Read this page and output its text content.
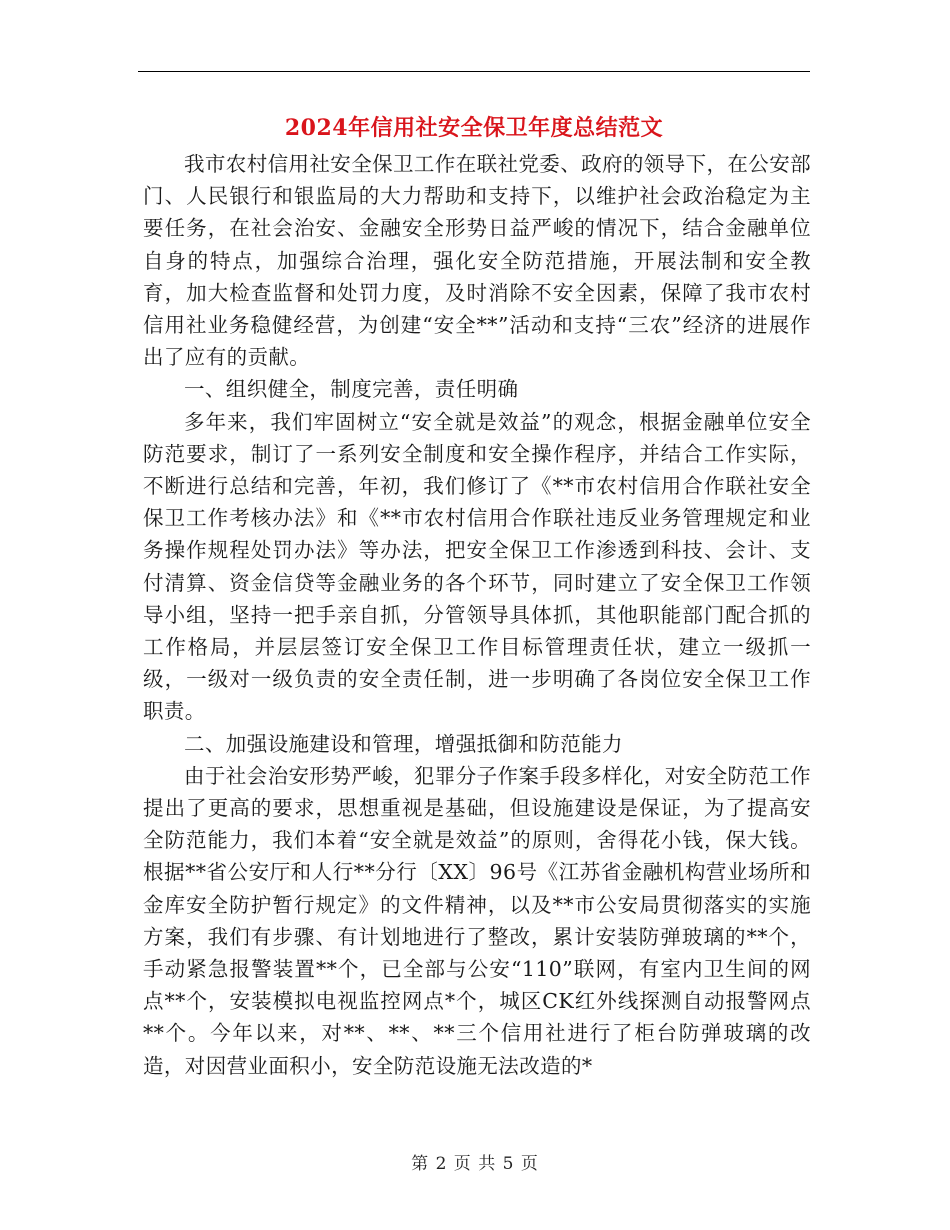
2024年信用社安全保卫年度总结范文

我市农村信用社安全保卫工作在联社党委、政府的领导下，在公安部门、人民银行和银监局的大力帮助和支持下，以维护社会政治稳定为主要任务，在社会治安、金融安全形势日益严峻的情况下，结合金融单位自身的特点，加强综合治理，强化安全防范措施，开展法制和安全教育，加大检查监督和处罚力度，及时消除不安全因素，保障了我市农村信用社业务稳健经营，为创建“安全**”活动和支持“三农”经济的进展作出了应有的贡献。

一、组织健全，制度完善，责任明确

多年来，我们牢固树立“安全就是效益”的观念，根据金融单位安全防范要求，制订了一系列安全制度和安全操作程序，并结合工作实际，不断进行总结和完善，年初，我们修订了《**市农村信用合作联社安全保卫工作考核办法》和《**市农村信用合作联社违反业务管理规定和业务操作规程处罚办法》等办法，把安全保卫工作渗透到科技、会计、支付清算、资金信贷等金融业务的各个环节，同时建立了安全保卫工作领导小组，坚持一把手亲自抓，分管领导具体抓，其他职能部门配合抓的工作格局，并层层签订安全保卫工作目标管理责任状，建立一级抓一级，一级对一级负责的安全责任制，进一步明确了各岗位安全保卫工作职责。

二、加强设施建设和管理，增强抵御和防范能力

由于社会治安形势严峻，犯罪分子作案手段多样化，对安全防范工作提出了更高的要求，思想重视是基础，但设施建设是保证，为了提高安全防范能力，我们本着“安全就是效益”的原则，舍得花小钱，保大钱。根据**省公安厅和人行**分行〔XX〕96号《江苏省金融机构营业场所和金库安全防护暂行规定》的文件精神，以及**市公安局贯彻落实的实施方案，我们有步骤、有计划地进行了整改，累计安装防弹玻璃的**个，手动紧急报警装置**个，已全部与公安“110”联网，有室内卫生间的网点**个，安装模拟电视监控网点*个，城区CK红外线探测自动报警网点**个。今年以来，对**、**、**三个信用社进行了柜台防弹玻璃的改造，对因营业面积小，安全防范设施无法改造的*

第 2 页 共 5 页
